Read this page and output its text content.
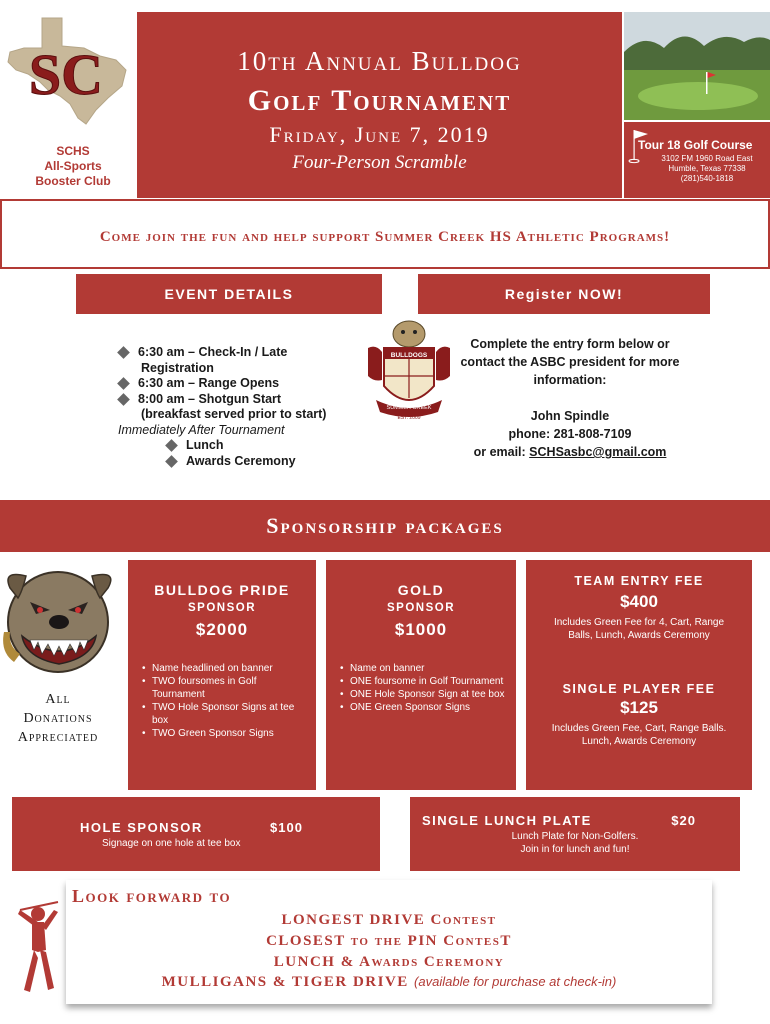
SC
SCHS
All-Sports
Booster Club
10th Annual Bulldog
Golf Tournament
Friday, June 7, 2019
Four-Person Scramble
Tour 18 Golf Course
3102 FM 1960 Road East
Humble, Texas 77338
(281)540-1818
Come join the fun and help support Summer Creek HS Athletic Programs!
EVENT DETAILS	Register NOW!
6:30 am – Check-In / Late
Registration
6:30 am – Range Opens
8:00 am – Shotgun Start
(breakfast served prior to start)
Immediately After Tournament
Lunch
Awards Ceremony
BULLDOGS
SUMMER CREEK
EST. 2009
Complete the entry form below or contact the ASBC president for more information:
John Spindle
phone: 281-808-7109
or email: SCHSasbc@gmail.com
Sponsorship packages
All
Donations
Appreciated
BULLDOG PRIDE
SPONSOR
$2000
• Name headlined on banner
• TWO foursomes in Golf Tournament
• TWO Hole Sponsor Signs at tee box
• TWO Green Sponsor Signs
GOLD
SPONSOR
$1000
• Name on banner
• ONE foursome in Golf Tournament
• ONE Hole Sponsor Sign at tee box
• ONE Green Sponsor Signs
TEAM ENTRY FEE
$400
Includes Green Fee for 4, Cart, Range Balls, Lunch, Awards Ceremony
SINGLE PLAYER FEE
$125
Includes Green Fee, Cart, Range Balls. Lunch, Awards Ceremony
HOLE SPONSOR	$100
Signage on one hole at tee box
SINGLE LUNCH PLATE	$20
Lunch Plate for Non-Golfers.
Join in for lunch and fun!
Look forward to
LONGEST DRIVE Contest
CLOSEST to the PIN ContesT
LUNCH & Awards Ceremony
MULLIGANS & TIGER DRIVE (available for purchase at check-in)
